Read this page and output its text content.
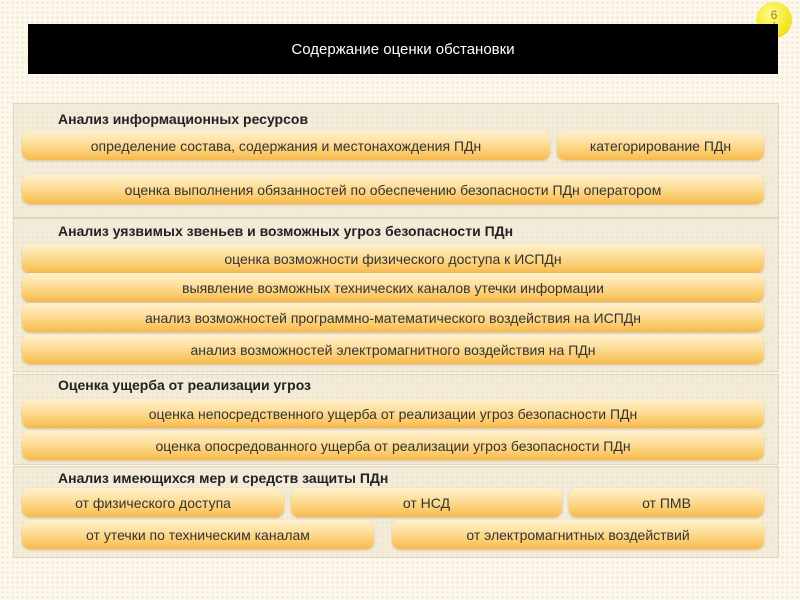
6
Содержание оценки обстановки
Анализ информационных ресурсов
определение состава, содержания и местонахождения ПДн	категорирование ПДн
оценка выполнения обязанностей по обеспечению безопасности ПДн оператором
Анализ уязвимых звеньев и возможных угроз безопасности ПДн
оценка возможности физического доступа к ИСПДн
выявление возможных технических каналов утечки информации
анализ возможностей программно-математического воздействия на ИСПДн
анализ возможностей электромагнитного воздействия на ПДн
Оценка ущерба от реализации угроз
оценка непосредственного ущерба от реализации угроз безопасности ПДн
оценка опосредованного ущерба от реализации угроз безопасности ПДн
Анализ имеющихся мер и средств защиты ПДн
от физического доступа	от НСД	от ПМВ
от утечки по техническим каналам	от электромагнитных воздействий
